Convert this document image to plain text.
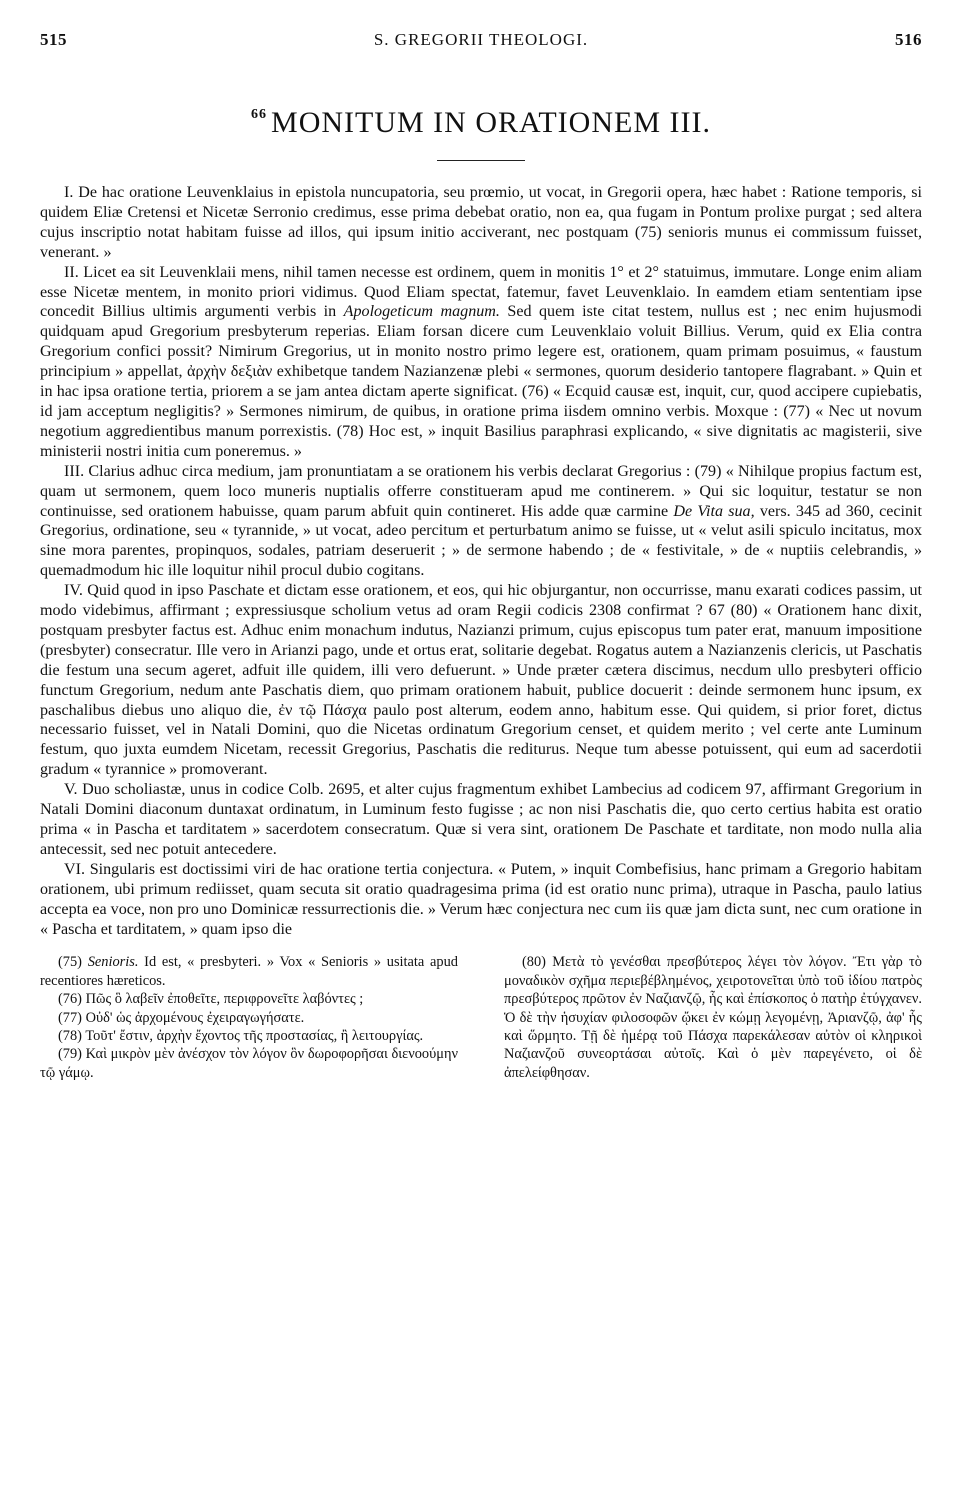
515	S. GREGORII THEOLOGI.	516
$^{66}$ MONITUM IN ORATIONEM III.

I. De hac oratione Leuvenklaius in epistola nuncupatoria, seu prœmio, ut vocat, in Gregorii opera, hæc habet : Ratione temporis, si quidem Eliæ Cretensi et Nicetæ Serronio credimus, esse prima debebat oratio, non ea, qua fugam in Pontum prolixe purgat ; sed altera cujus inscriptio notat habitam fuisse ad illos, qui ipsum initio acciverant, nec postquam (75) senioris munus ei commissum fuisset, venerant. »

II. Licet ea sit Leuvenklaii mens, nihil tamen necesse est ordinem, quem in monitis 1° et 2° statuimus, immutare. Longe enim aliam esse Nicetæ mentem, in monito priori vidimus. Quod Eliam spectat, fatemur, favet Leuvenklaio. In eamdem etiam sententiam ipse concedit Billius ultimis argumenti verbis in Apologeticum magnum. Sed quem iste citat testem, nullus est ; nec enim hujusmodi quidquam apud Gregorium presbyterum reperias. Eliam forsan dicere cum Leuvenklaio voluit Billius. Verum, quid ex Elia contra Gregorium confici possit? Nimirum Gregorius, ut in monito nostro primo legere est, orationem, quam primam posuimus, « faustum principium » appellat, ἀρχὴν δεξιὰν exhibetque tandem Nazianzenæ plebi « sermones, quorum desiderio tantopere flagrabant. » Quin et in hac ipsa oratione tertia, priorem a se jam antea dictam aperte significat. (76) « Ecquid causæ est, inquit, cur, quod accipere cupiebatis, id jam acceptum negligitis? » Sermones nimirum, de quibus, in oratione prima iisdem omnino verbis. Moxque : (77) « Nec ut novum negotium aggredientibus manum porrexistis. (78) Hoc est, » inquit Basilius paraphrasi explicando, « sive dignitatis ac magisterii, sive ministerii nostri initia cum poneremus. »

III. Clarius adhuc circa medium, jam pronuntiatam a se orationem his verbis declarat Gregorius : (79) « Nihilque propius factum est, quam ut sermonem, quem loco muneris nuptialis offerre constitueram apud me continerem. » Qui sic loquitur, testatur se non continuisse, sed orationem habuisse, quam parum abfuit quin contineret. His adde quæ carmine De Vita sua, vers. 345 ad 360, cecinit Gregorius, ordinatione, seu « tyrannide, » ut vocat, adeo percitum et perturbatum animo se fuisse, ut « velut asili spiculo incitatus, mox sine mora parentes, propinquos, sodales, patriam deseruerit ; » de sermone habendo ; de « festivitale, » de « nuptiis celebrandis, » quemadmodum hic ille loquitur nihil procul dubio cogitans.

IV. Quid quod in ipso Paschate et dictam esse orationem, et eos, qui hic objurgantur, non occurrisse, manu exarati codices passim, ut modo videbimus, affirmant ; expressiusque scholium vetus ad oram Regii codicis 2308 confirmat ? 67 (80) « Orationem hanc dixit, postquam presbyter factus est. Adhuc enim monachum indutus, Nazianzi primum, cujus episcopus tum pater erat, manuum impositione (presbyter) consecratur. Ille vero in Arianzi pago, unde et ortus erat, solitarie degebat. Rogatus autem a Nazianzenis clericis, ut Paschatis die festum una secum ageret, adfuit ille quidem, illi vero defuerunt. » Unde præter cætera discimus, necdum ullo presbyteri officio functum Gregorium, nedum ante Paschatis diem, quo primam orationem habuit, publice docuerit : deinde sermonem hunc ipsum, ex paschalibus diebus uno aliquo die, ἐν τῷ Πάσχα paulo post alterum, eodem anno, habitum esse. Qui quidem, si prior foret, dictus necessario fuisset, vel in Natali Domini, quo die Nicetas ordinatum Gregorium censet, et quidem merito ; vel certe ante Luminum festum, quo juxta eumdem Nicetam, recessit Gregorius, Paschatis die rediturus. Neque tum abesse potuissent, qui eum ad sacerdotii gradum « tyrannice » promoverant.

V. Duo scholiastæ, unus in codice Colb. 2695, et alter cujus fragmentum exhibet Lambecius ad codicem 97, affirmant Gregorium in Natali Domini diaconum duntaxat ordinatum, in Luminum festo fugisse ; ac non nisi Paschatis die, quo certo certius habita est oratio prima « in Pascha et tarditatem » sacerdotem consecratum. Quæ si vera sint, orationem De Paschate et tarditate, non modo nulla alia antecessit, sed nec potuit antecedere.

VI. Singularis est doctissimi viri de hac oratione tertia conjectura. « Putem, » inquit Combefisius, hanc primam a Gregorio habitam orationem, ubi primum rediisset, quam secuta sit oratio quadragesima prima (id est oratio nunc prima), utraque in Pascha, paulo latius accepta ea voce, non pro uno Dominicæ ressurrectionis die. » Verum hæc conjectura nec cum iis quæ jam dicta sunt, nec cum oratione in « Pascha et tarditatem, » quam ipso die

(75) Senioris. Id est, « presbyteri. » Vox « Senioris » usitata apud recentiores hæreticos.

(76) Πῶς ὃ λαβεῖν ἐποθεῖτε, περιφρονεῖτε λαβόντες ;

(77) Οὐδ' ὡς ἀρχομένους ἐχειραγωγήσατε.

(78) Τοῦτ' ἔστιν, ἀρχὴν ἔχοντος τῆς προστασίας, ἢ λειτουργίας.

(79) Καὶ μικρὸν μὲν ἀνέσχον τὸν λόγον ὃν δωροφορῆσαι διενοούμην τῷ γάμῳ.

(80) Μετὰ τὸ γενέσθαι πρεσβύτερος λέγει τὸν λόγον. Ἔτι γὰρ τὸ μοναδικὸν σχῆμα περιεβέβλημένος, χειροτονεῖται ὑπὸ τοῦ ἰδίου πατρὸς πρεσβύτερος πρῶτον ἐν Ναζιανζῷ, ἧς καὶ ἐπίσκοπος ὁ πατὴρ ἐτύγχανεν. Ὁ δὲ τὴν ἡσυχίαν φιλοσοφῶν ᾤκει ἐν κώμῃ λεγομένῃ, Ἀριανζῷ, ἀφ' ἧς καὶ ὥρμητο. Τῇ δὲ ἡμέρᾳ τοῦ Πάσχα παρεκάλεσαν αὐτὸν οἱ κληρικοὶ Ναζιανζοῦ συνεορτάσαι αὐτοῖς. Καὶ ὁ μὲν παρεγένετο, οἱ δὲ ἀπελείφθησαν.
